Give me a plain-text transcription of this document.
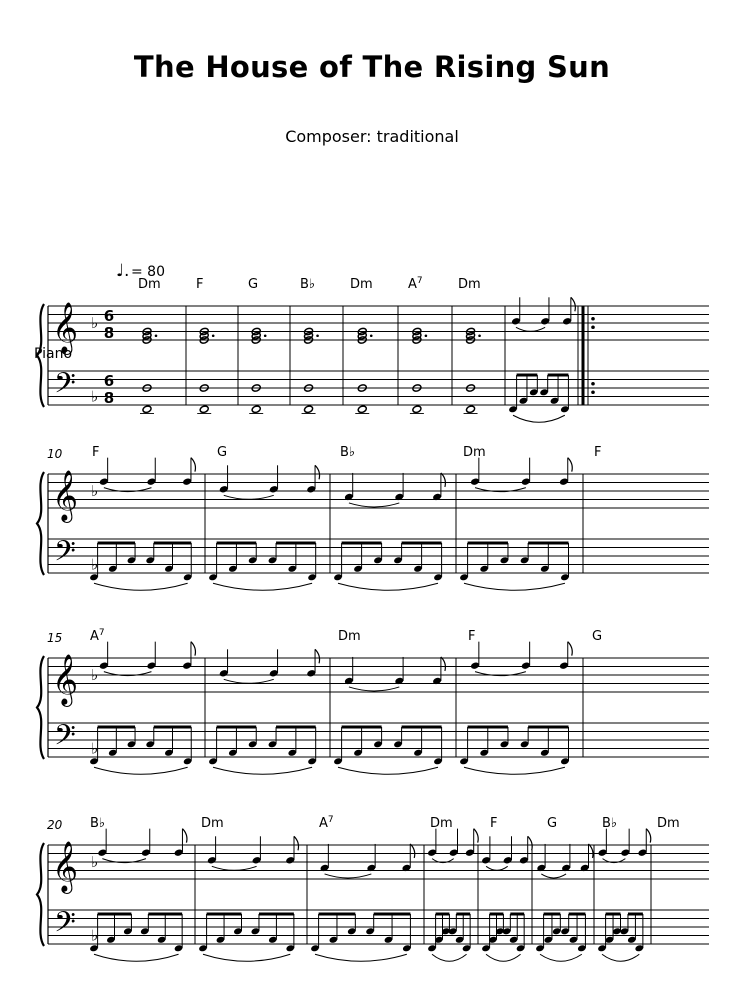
The House of The Rising Sun
Composer: traditional
♩. = 80
Piano
𝄞
𝄢
♭
♭
6
8
6
8
Dm	F	G	B♭	Dm	$A^7$	Dm
𝄞
𝄢
♭
♭
10 F	G	B♭	Dm	F
𝄞
𝄢
♭
♭
15 $A^7$	Dm	F	G
𝄞
𝄢
♭
♭
20 B♭	Dm	$A^7$	Dm	F	G	B♭	Dm
